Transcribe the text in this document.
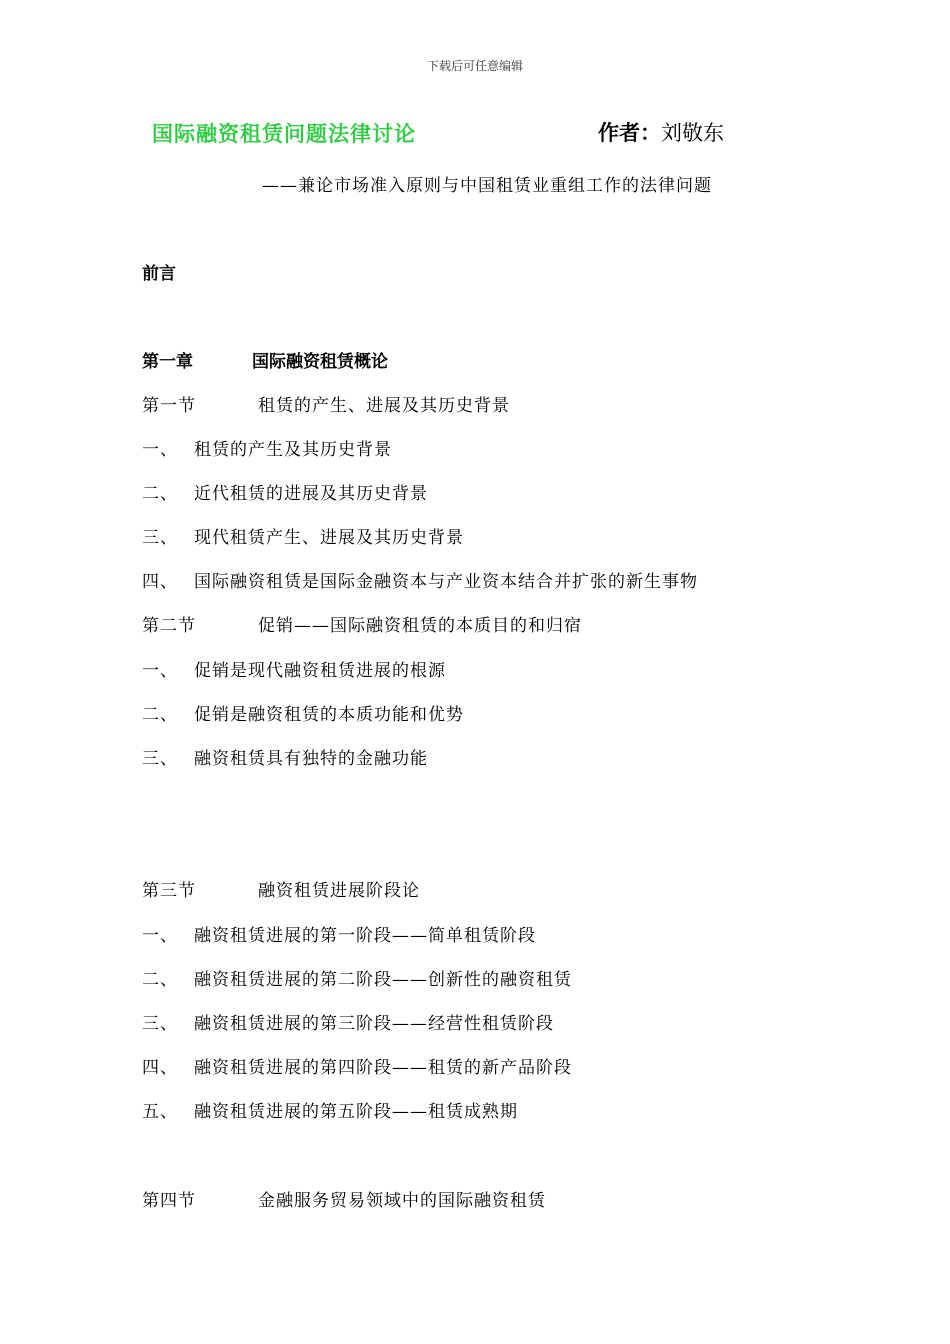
下载后可任意编辑
国际融资租赁问题法律讨论	作者：刘敬东
——兼论市场准入原则与中国租赁业重组工作的法律问题
前言
第一章	国际融资租赁概论
第一节	租赁的产生、进展及其历史背景
一、 租赁的产生及其历史背景
二、 近代租赁的进展及其历史背景
三、 现代租赁产生、进展及其历史背景
四、 国际融资租赁是国际金融资本与产业资本结合并扩张的新生事物
第二节	促销——国际融资租赁的本质目的和归宿
一、 促销是现代融资租赁进展的根源
二、 促销是融资租赁的本质功能和优势
三、 融资租赁具有独特的金融功能
第三节	融资租赁进展阶段论
一、 融资租赁进展的第一阶段——简单租赁阶段
二、 融资租赁进展的第二阶段——创新性的融资租赁
三、 融资租赁进展的第三阶段——经营性租赁阶段
四、 融资租赁进展的第四阶段——租赁的新产品阶段
五、 融资租赁进展的第五阶段——租赁成熟期
第四节	金融服务贸易领域中的国际融资租赁
